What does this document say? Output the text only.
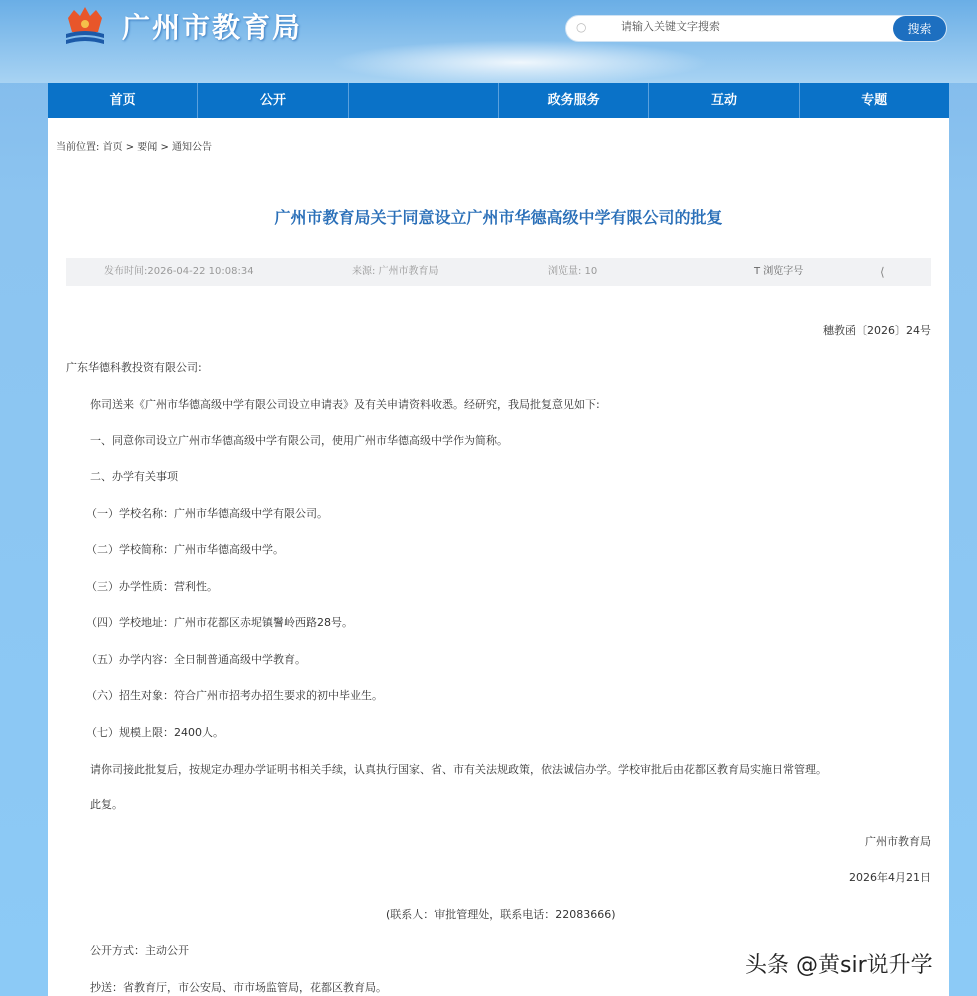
广州市教育局	○
请输入关键文字搜索	搜索
首页	公开	政务服务	互动	专题
当前位置: 首页 > 要闻 > 通知公告
广州市教育局关于同意设立广州市华德高级中学有限公司的批复
发布时间:2026-04-22 10:08:34	来源: 广州市教育局	浏览量: 10	T 浏览字号	⟨
穗教函〔2026〕24号
广东华德科教投资有限公司:
你司送来《广州市华德高级中学有限公司设立申请表》及有关申请资料收悉。经研究，我局批复意见如下:
一、同意你司设立广州市华德高级中学有限公司，使用广州市华德高级中学作为简称。
二、办学有关事项
（一）学校名称：广州市华德高级中学有限公司。
（二）学校简称：广州市华德高级中学。
（三）办学性质：营利性。
（四）学校地址：广州市花都区赤坭镇鬐岭西路28号。
（五）办学内容：全日制普通高级中学教育。
（六）招生对象：符合广州市招考办招生要求的初中毕业生。
（七）规模上限：2400人。
请你司接此批复后，按规定办理办学证明书相关手续，认真执行国家、省、市有关法规政策，依法诚信办学。学校审批后由花都区教育局实施日常管理。
此复。
广州市教育局
2026年4月21日
(联系人：审批管理处，联系电话：22083666)
公开方式：主动公开
抄送：省教育厅，市公安局、市市场监管局，花都区教育局。
头条 @黄sir说升学
